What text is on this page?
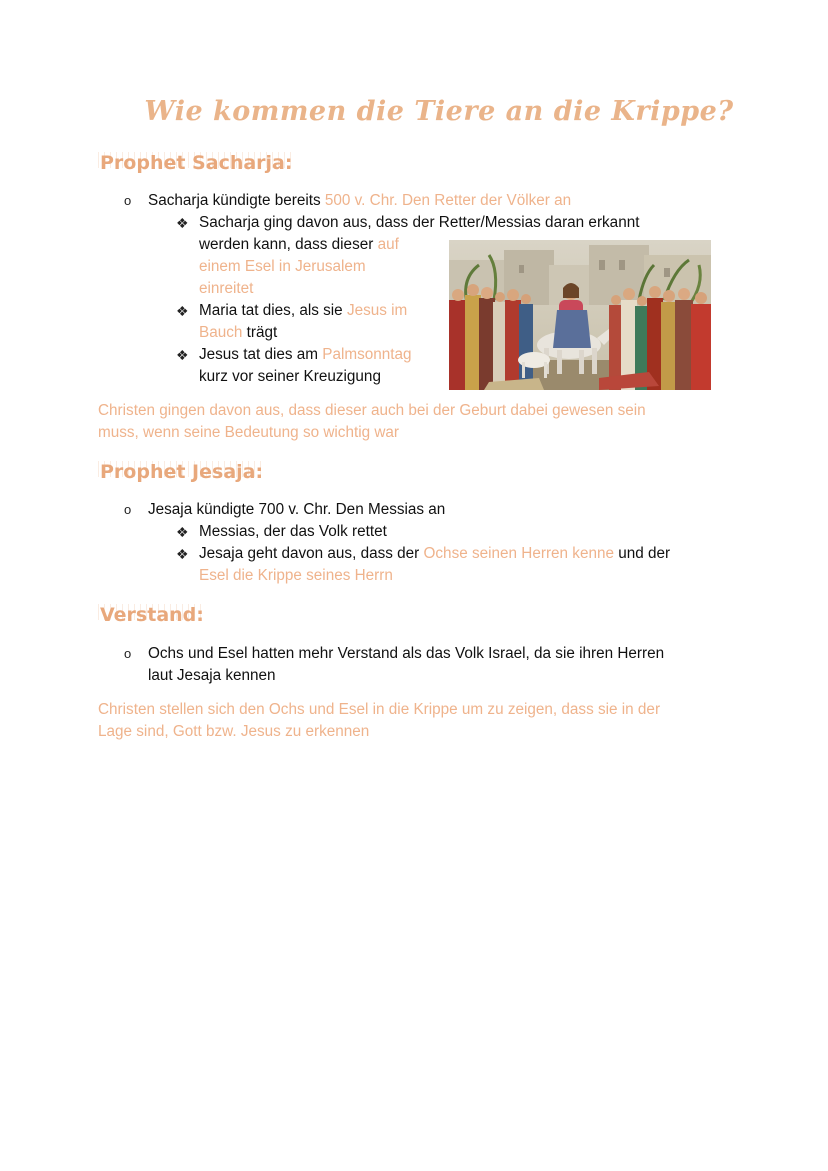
Wie kommen die Tiere an die Krippe?
Prophet Sacharja:
o Sacharja kündigte bereits 500 v. Chr. Den Retter der Völker an
❖ Sacharja ging davon aus, dass der Retter/Messias daran erkannt
werden kann, dass dieser auf
einem Esel in Jerusalem
einreitet
❖ Maria tat dies, als sie Jesus im
Bauch trägt
❖ Jesus tat dies am Palmsonntag
kurz vor seiner Kreuzigung
Christen gingen davon aus, dass dieser auch bei der Geburt dabei gewesen sein
muss, wenn seine Bedeutung so wichtig war
Prophet Jesaja:
o Jesaja kündigte 700 v. Chr. Den Messias an
❖ Messias, der das Volk rettet
❖ Jesaja geht davon aus, dass der Ochse seinen Herren kenne und der
Esel die Krippe seines Herrn
Verstand:
o Ochs und Esel hatten mehr Verstand als das Volk Israel, da sie ihren Herren
laut Jesaja kennen
Christen stellen sich den Ochs und Esel in die Krippe um zu zeigen, dass sie in der
Lage sind, Gott bzw. Jesus zu erkennen
